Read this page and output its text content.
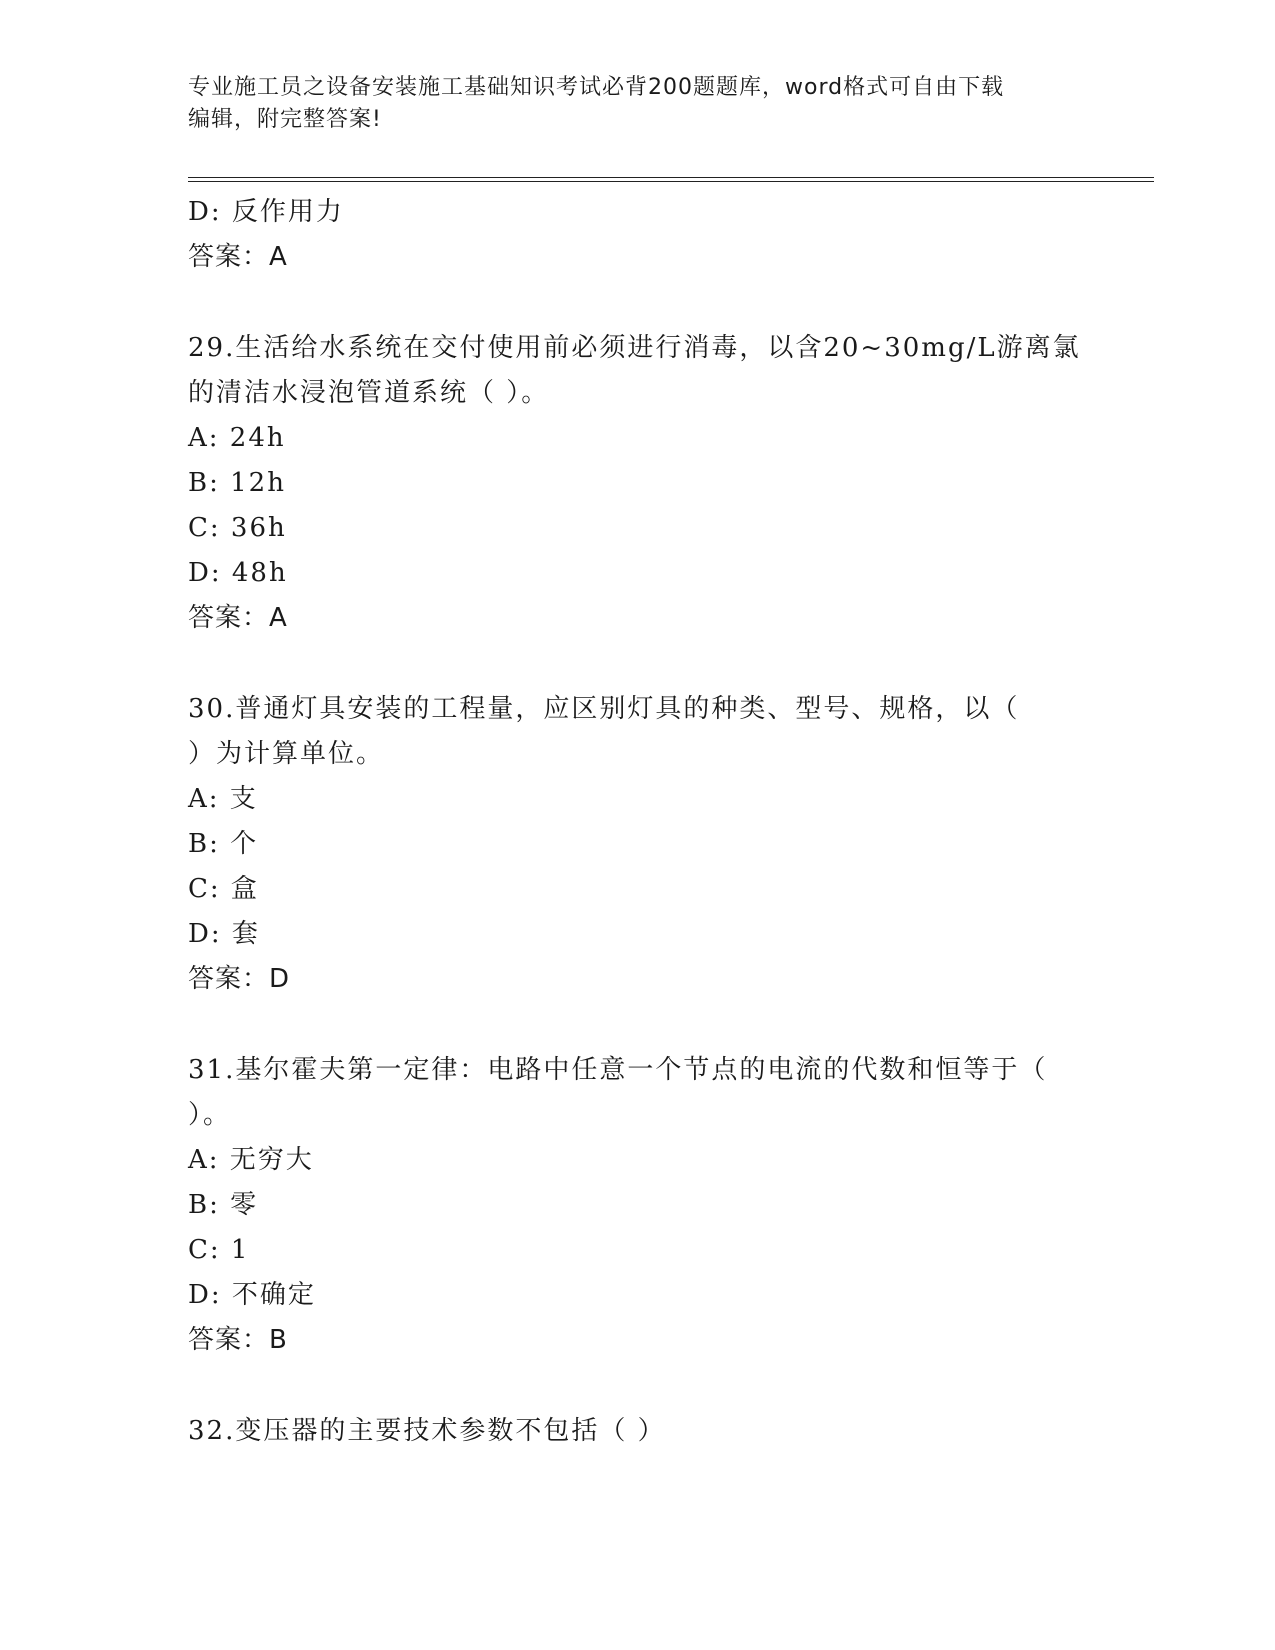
专业施工员之设备安装施工基础知识考试必背200题题库，word格式可自由下载
编辑，附完整答案!
D: 反作用力
答案：A
29.生活给水系统在交付使用前必须进行消毒，以含20~30mg/L游离氯
的清洁水浸泡管道系统（ ）。
A: 24h
B: 12h
C: 36h
D: 48h
答案：A
30.普通灯具安装的工程量，应区别灯具的种类、型号、规格，以（
）为计算单位。
A: 支
B: 个
C: 盒
D: 套
答案：D
31.基尔霍夫第一定律：电路中任意一个节点的电流的代数和恒等于（
）。
A: 无穷大
B: 零
C: 1
D: 不确定
答案：B
32.变压器的主要技术参数不包括（ ）
